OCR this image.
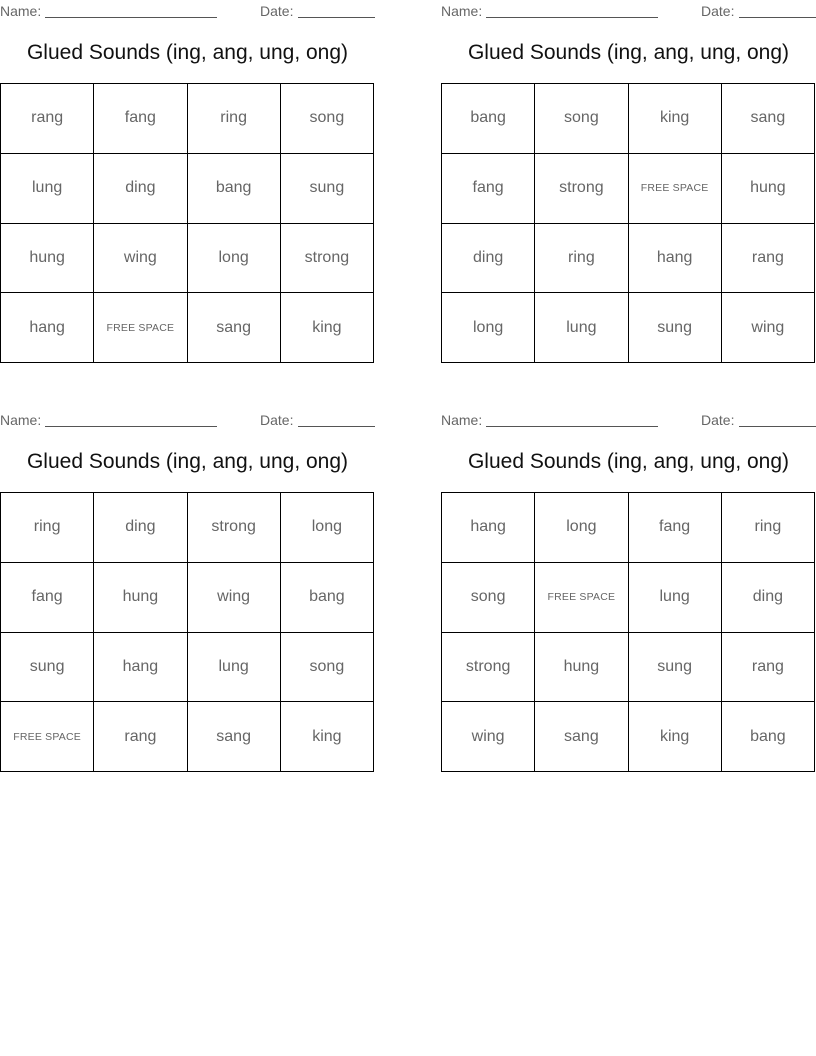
Name:	Date:
Glued Sounds (ing, ang, ung, ong)
rang	fang	ring	song
lung	ding	bang	sung
hung	wing	long	strong
hang	FREE SPACE	sang	king
Name:	Date:
Glued Sounds (ing, ang, ung, ong)
bang	song	king	sang
fang	strong	FREE SPACE	hung
ding	ring	hang	rang
long	lung	sung	wing
Name:	Date:
Glued Sounds (ing, ang, ung, ong)
ring	ding	strong	long
fang	hung	wing	bang
sung	hang	lung	song
FREE SPACE	rang	sang	king
Name:	Date:
Glued Sounds (ing, ang, ung, ong)
hang	long	fang	ring
song	FREE SPACE	lung	ding
strong	hung	sung	rang
wing	sang	king	bang
